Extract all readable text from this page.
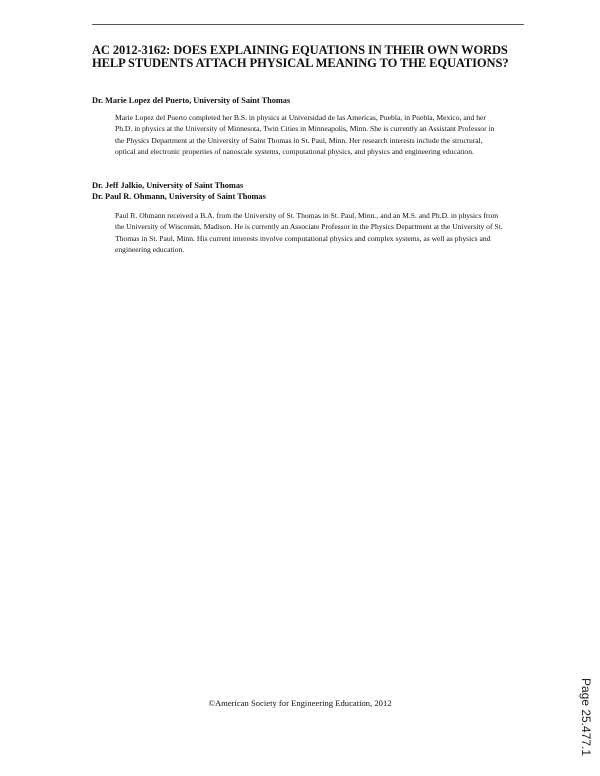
AC 2012-3162: DOES EXPLAINING EQUATIONS IN THEIR OWN WORDS
HELP STUDENTS ATTACH PHYSICAL MEANING TO THE EQUATIONS?
Dr. Marie Lopez del Puerto, University of Saint Thomas
Marie Lopez del Puerto completed her B.S. in physics at Universidad de las Americas, Puebla, in Puebla, Mexico, and her Ph.D. in physics at the University of Minnesota, Twin Cities in Minneapolis, Minn. She is currently an Assistant Professor in the Physics Department at the University of Saint Thomas in St. Paul, Minn. Her research interests include the structural, optical and electronic properties of nanoscale systems, computational physics, and physics and engineering education.
Dr. Jeff Jalkio, University of Saint Thomas
Dr. Paul R. Ohmann, University of Saint Thomas
Paul R. Ohmann received a B.A. from the University of St. Thomas in St. Paul, Minn., and an M.S. and Ph.D. in physics from the University of Wisconsin, Madison. He is currently an Associate Professor in the Physics Department at the University of St. Thomas in St. Paul, Minn. His current interests involve computational physics and complex systems, as well as physics and engineering education.
©American Society for Engineering Education, 2012	Page 25.477.1
